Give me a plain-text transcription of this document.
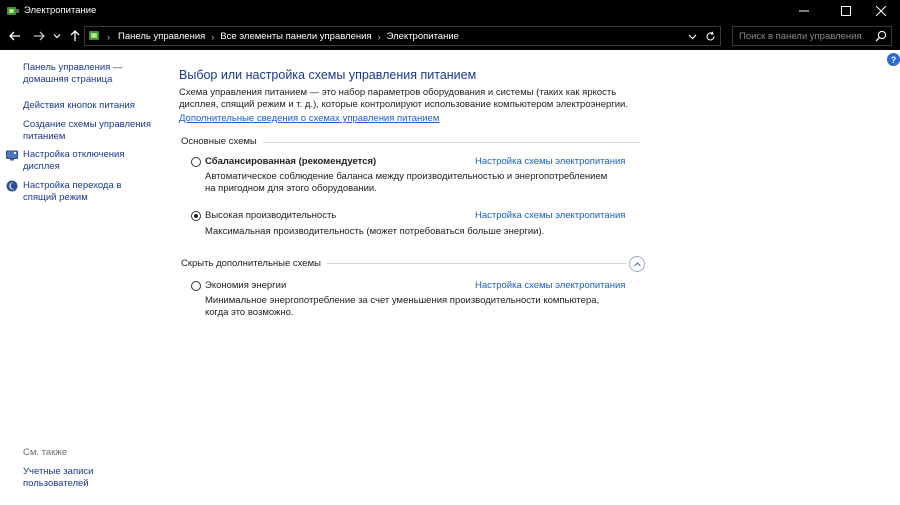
Электропитание
› Панель управления › Все элементы панели управления › Электропитание
Поиск в панели управления
Панель управления —
домашняя страница
Действия кнопок питания
Создание схемы управления
питанием
Настройка отключения
дисплея
Настройка перехода в
спящий режим
См. также
Учетные записи
пользователей
?
Выбор или настройка схемы управления питанием
Схема управления питанием — это набор параметров оборудования и системы (таких как яркость
дисплея, спящий режим и т. д.), которые контролируют использование компьютером электроэнергии.
Дополнительные сведения о схемах управления питанием
Основные схемы
Сбалансированная (рекомендуется)	Настройка схемы электропитания
Автоматическое соблюдение баланса между производительностью и энергопотреблением
на пригодном для этого оборудовании.
Высокая производительность	Настройка схемы электропитания
Максимальная производительность (может потребоваться больше энергии).
Скрыть дополнительные схемы
Экономия энергии	Настройка схемы электропитания
Минимальное энергопотребление за счет уменьшения производительности компьютера,
когда это возможно.
